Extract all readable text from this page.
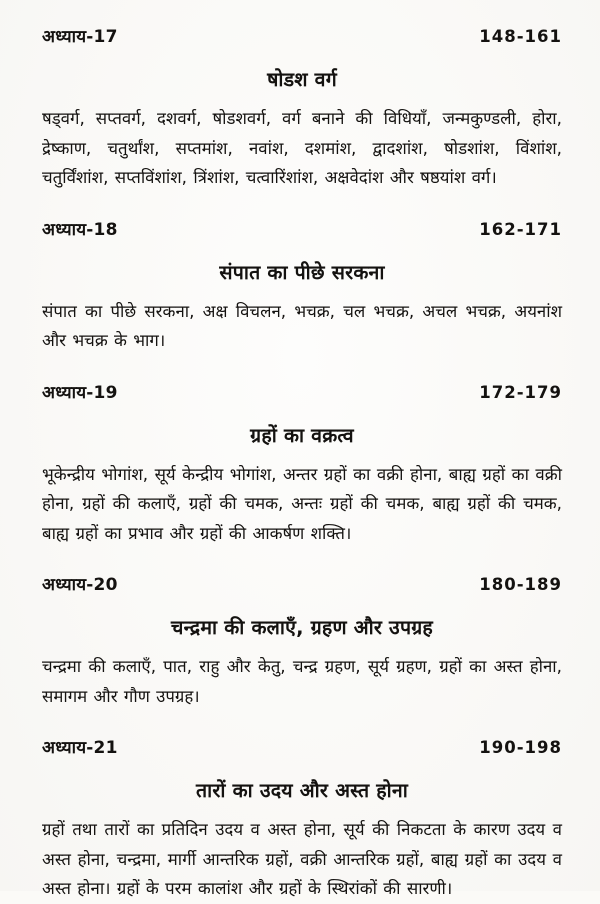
अध्याय-17	148-161
षोडश वर्ग

षड्वर्ग, सप्तवर्ग, दशवर्ग, षोडशवर्ग, वर्ग बनाने की विधियाँ, जन्मकुण्डली, होरा, द्रेष्काण, चतुर्थांश, सप्तमांश, नवांश, दशमांश, द्वादशांश, षोडशांश, विंशांश, चतुर्विंशांश, सप्तविंशांश, त्रिंशांश, चत्वारिंशांश, अक्षवेदांश और षष्ठयांश वर्ग।

अध्याय-18	162-171
संपात का पीछे सरकना

संपात का पीछे सरकना, अक्ष विचलन, भचक्र, चल भचक्र, अचल भचक्र, अयनांश और भचक्र के भाग।

अध्याय-19	172-179
ग्रहों का वक्रत्व

भूकेन्द्रीय भोगांश, सूर्य केन्द्रीय भोगांश, अन्तर ग्रहों का वक्री होना, बाह्य ग्रहों का वक्री होना, ग्रहों की कलाएँ, ग्रहों की चमक, अन्तः ग्रहों की चमक, बाह्य ग्रहों की चमक, बाह्य ग्रहों का प्रभाव और ग्रहों की आकर्षण शक्ति।

अध्याय-20	180-189
चन्द्रमा की कलाएँ, ग्रहण और उपग्रह

चन्द्रमा की कलाएँ, पात, राहु और केतु, चन्द्र ग्रहण, सूर्य ग्रहण, ग्रहों का अस्त होना, समागम और गौण उपग्रह।

अध्याय-21	190-198
तारों का उदय और अस्त होना

ग्रहों तथा तारों का प्रतिदिन उदय व अस्त होना, सूर्य की निकटता के कारण उदय व अस्त होना, चन्द्रमा, मार्गी आन्तरिक ग्रहों, वक्री आन्तरिक ग्रहों, बाह्य ग्रहों का उदय व अस्त होना। ग्रहों के परम कालांश और ग्रहों के स्थिरांकों की सारणी।
